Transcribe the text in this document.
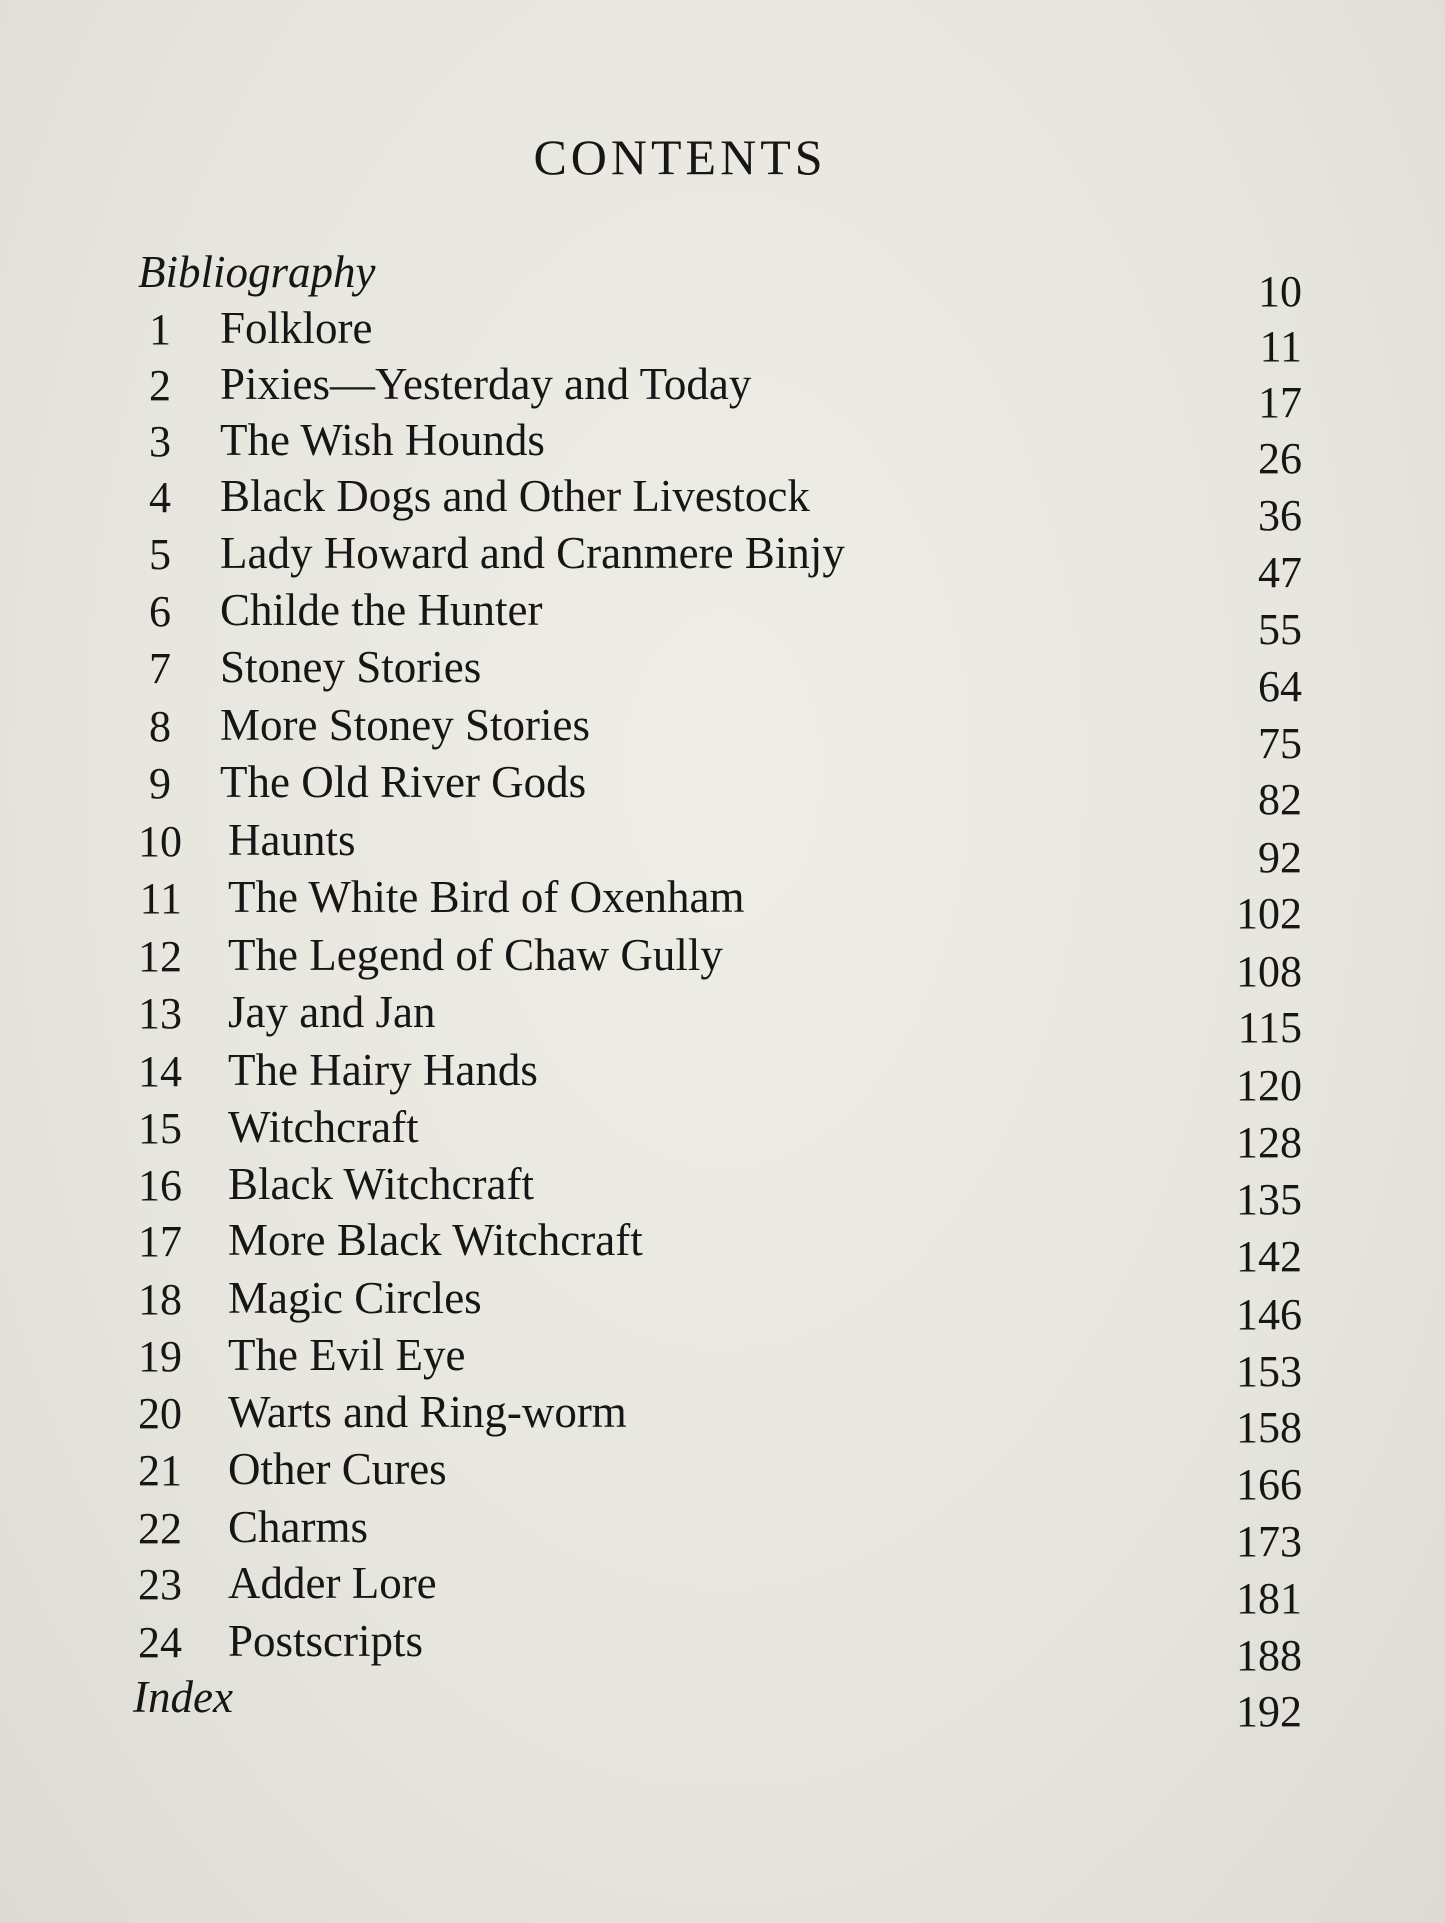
CONTENTS
Bibliography	10
1 Folklore	11
2 Pixies—Yesterday and Today	17
3 The Wish Hounds	26
4 Black Dogs and Other Livestock	36
5 Lady Howard and Cranmere Binjy	47
6 Childe the Hunter	55
7 Stoney Stories	64
8 More Stoney Stories	75
9 The Old River Gods	82
10 Haunts	92
11 The White Bird of Oxenham	102
12 The Legend of Chaw Gully	108
13 Jay and Jan	115
14 The Hairy Hands	120
15 Witchcraft	128
16 Black Witchcraft	135
17 More Black Witchcraft	142
18 Magic Circles	146
19 The Evil Eye	153
20 Warts and Ring-worm	158
21 Other Cures	166
22 Charms	173
23 Adder Lore	181
24 Postscripts	188
Index	192
